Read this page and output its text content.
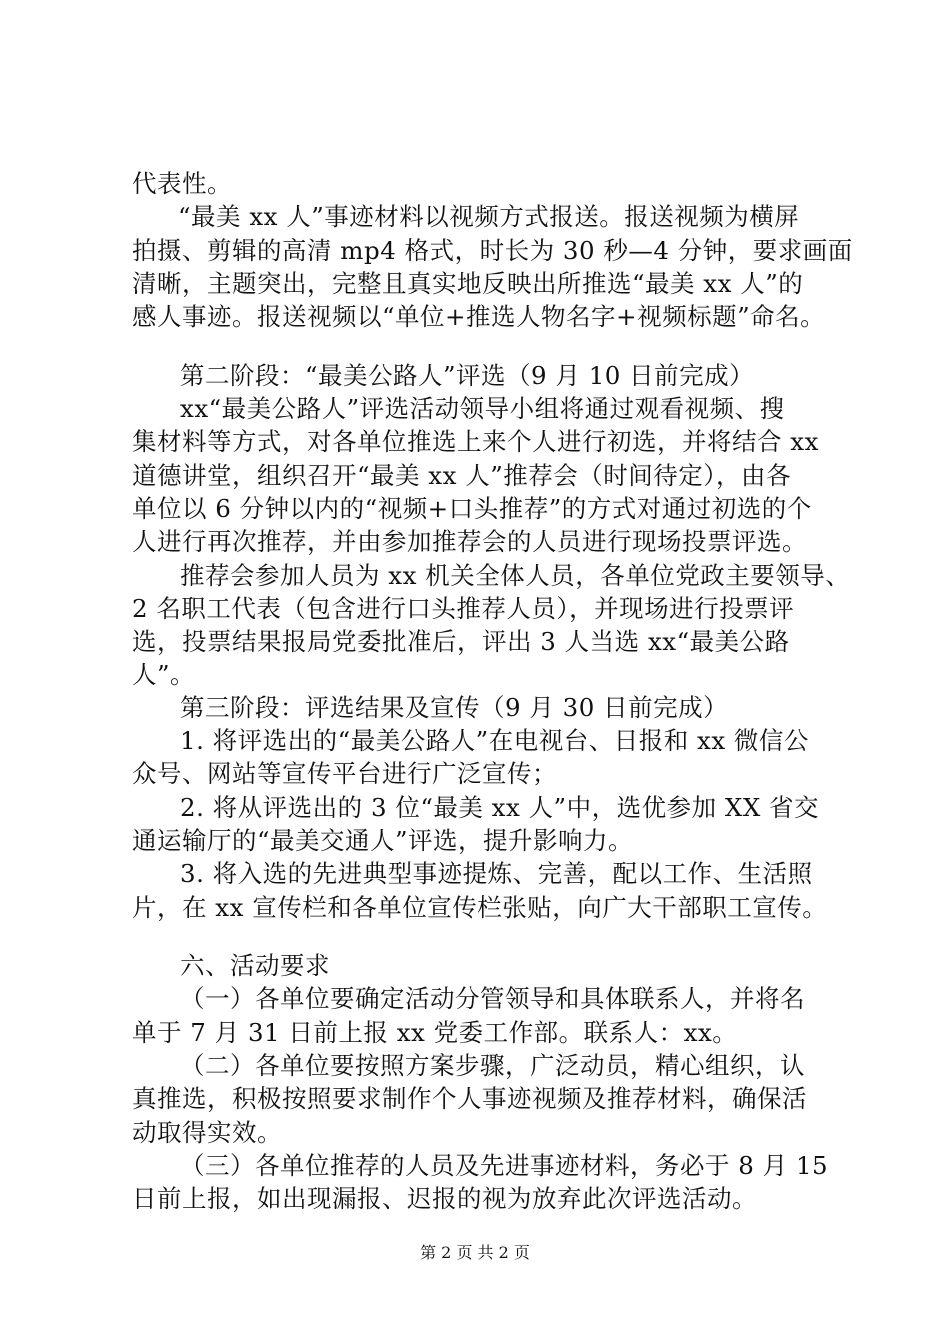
代表性。
“最美 xx 人”事迹材料以视频方式报送。报送视频为横屏
拍摄、剪辑的高清 mp4 格式，时长为 30 秒—4 分钟，要求画面
清晰，主题突出，完整且真实地反映出所推选“最美 xx 人”的
感人事迹。报送视频以“单位+推选人物名字+视频标题”命名。
第二阶段：“最美公路人”评选（9 月 10 日前完成）
xx“最美公路人”评选活动领导小组将通过观看视频、搜
集材料等方式，对各单位推选上来个人进行初选，并将结合 xx
道德讲堂，组织召开“最美 xx 人”推荐会（时间待定），由各
单位以 6 分钟以内的“视频+口头推荐”的方式对通过初选的个
人进行再次推荐，并由参加推荐会的人员进行现场投票评选。
推荐会参加人员为 xx 机关全体人员，各单位党政主要领导、
2 名职工代表（包含进行口头推荐人员），并现场进行投票评
选，投票结果报局党委批准后，评出 3 人当选 xx“最美公路
人”。
第三阶段：评选结果及宣传（9 月 30 日前完成）
1. 将评选出的“最美公路人”在电视台、日报和 xx 微信公
众号、网站等宣传平台进行广泛宣传；
2. 将从评选出的 3 位“最美 xx 人”中，选优参加 XX 省交
通运输厅的“最美交通人”评选，提升影响力。
3. 将入选的先进典型事迹提炼、完善，配以工作、生活照
片，在 xx 宣传栏和各单位宣传栏张贴，向广大干部职工宣传。
六、活动要求
（一）各单位要确定活动分管领导和具体联系人，并将名
单于 7 月 31 日前上报 xx 党委工作部。联系人：xx。
（二）各单位要按照方案步骤，广泛动员，精心组织，认
真推选，积极按照要求制作个人事迹视频及推荐材料，确保活
动取得实效。
（三）各单位推荐的人员及先进事迹材料，务必于 8 月 15
日前上报，如出现漏报、迟报的视为放弃此次评选活动。
第 2 页 共 2 页
